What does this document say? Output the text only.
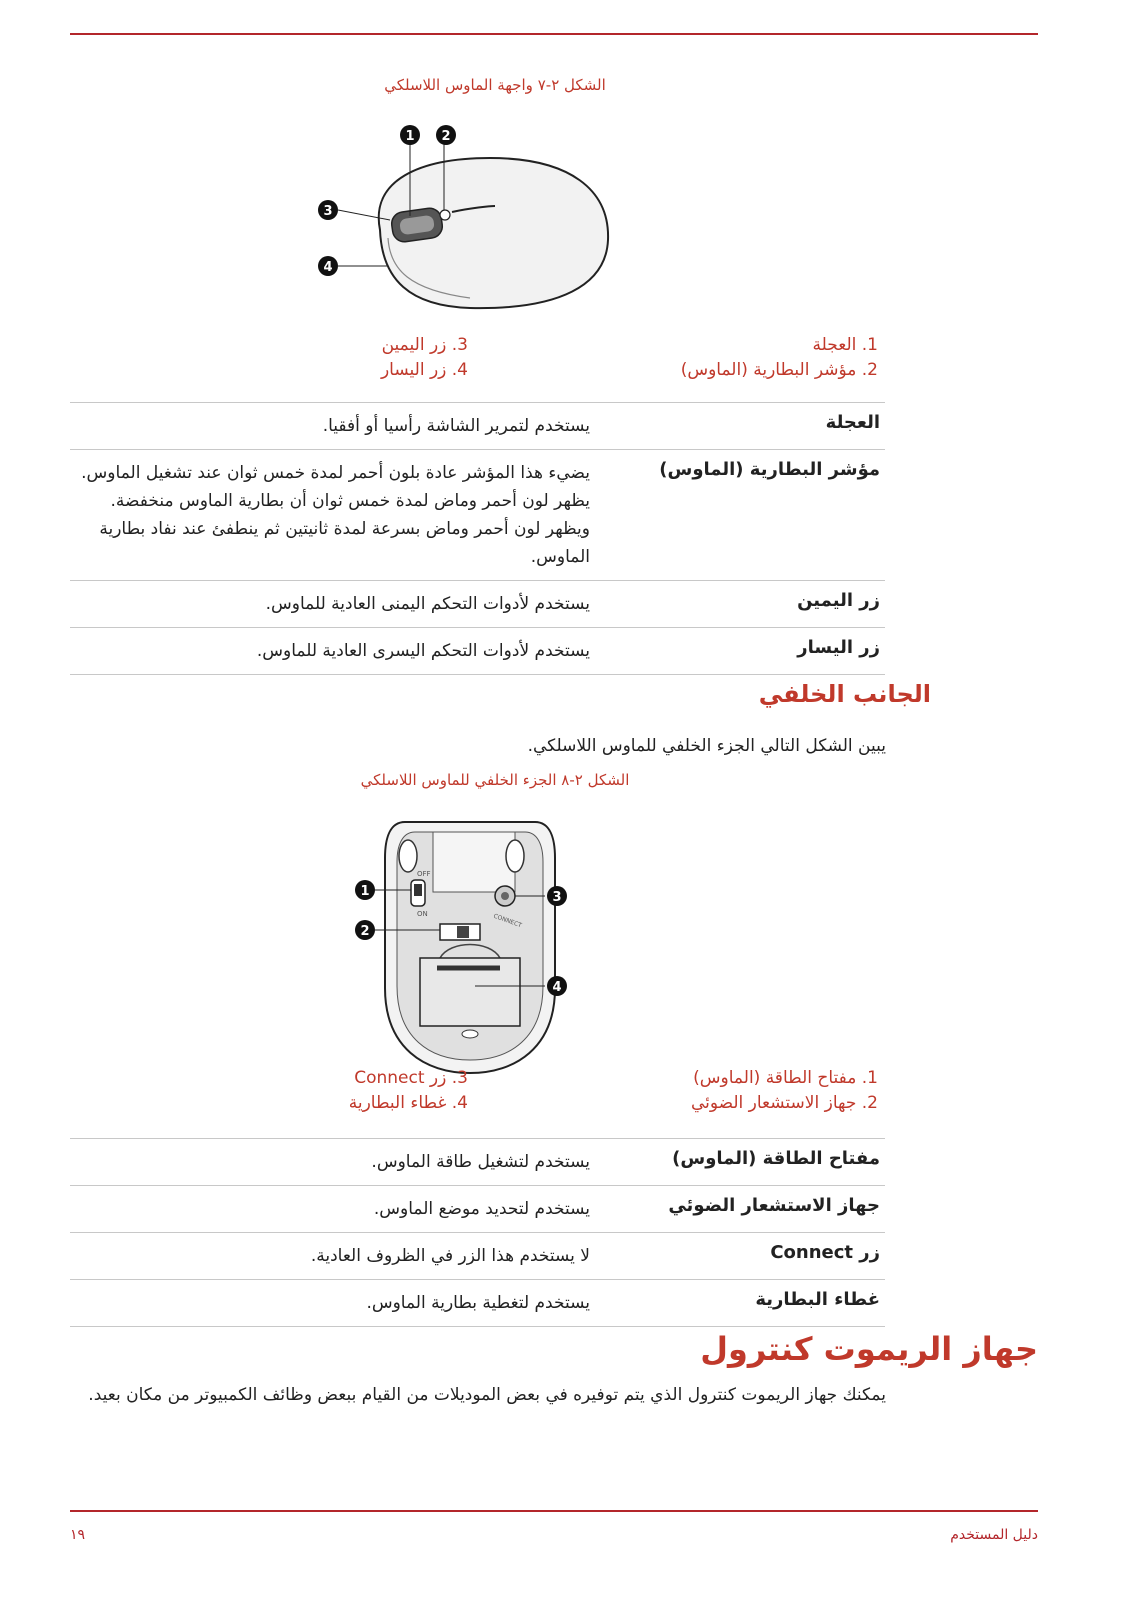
الشكل ٢-٧ واجهة الماوس اللاسلكي
1 2
3
4
1. العجلة
2. مؤشر البطارية (الماوس)
3. زر اليمين
4. زر اليسار
العجلة
يستخدم لتمرير الشاشة رأسيا أو أفقيا.
مؤشر البطارية (الماوس)
يضيء هذا المؤشر عادة بلون أحمر لمدة خمس ثوان عند تشغيل الماوس. يظهر لون أحمر وماض لمدة خمس ثوان أن بطارية الماوس منخفضة. ويظهر لون أحمر وماض بسرعة لمدة ثانيتين ثم ينطفئ عند نفاد بطارية الماوس.
زر اليمين
يستخدم لأدوات التحكم اليمنى العادية للماوس.
زر اليسار
يستخدم لأدوات التحكم اليسرى العادية للماوس.
الجانب الخلفي
يبين الشكل التالي الجزء الخلفي للماوس اللاسلكي.
الشكل ٢-٨ الجزء الخلفي للماوس اللاسلكي
OFF
ON	CONNECT
1
2
3
4
1. مفتاح الطاقة (الماوس)
2. جهاز الاستشعار الضوئي
3. زر Connect
4. غطاء البطارية
مفتاح الطاقة (الماوس)
يستخدم لتشغيل طاقة الماوس.
جهاز الاستشعار الضوئي
يستخدم لتحديد موضع الماوس.
زر Connect
لا يستخدم هذا الزر في الظروف العادية.
غطاء البطارية
يستخدم لتغطية بطارية الماوس.
جهاز الريموت كنترول
يمكنك جهاز الريموت كنترول الذي يتم توفيره في بعض الموديلات من القيام ببعض وظائف الكمبيوتر من مكان بعيد.
دليل المستخدم
١٩
